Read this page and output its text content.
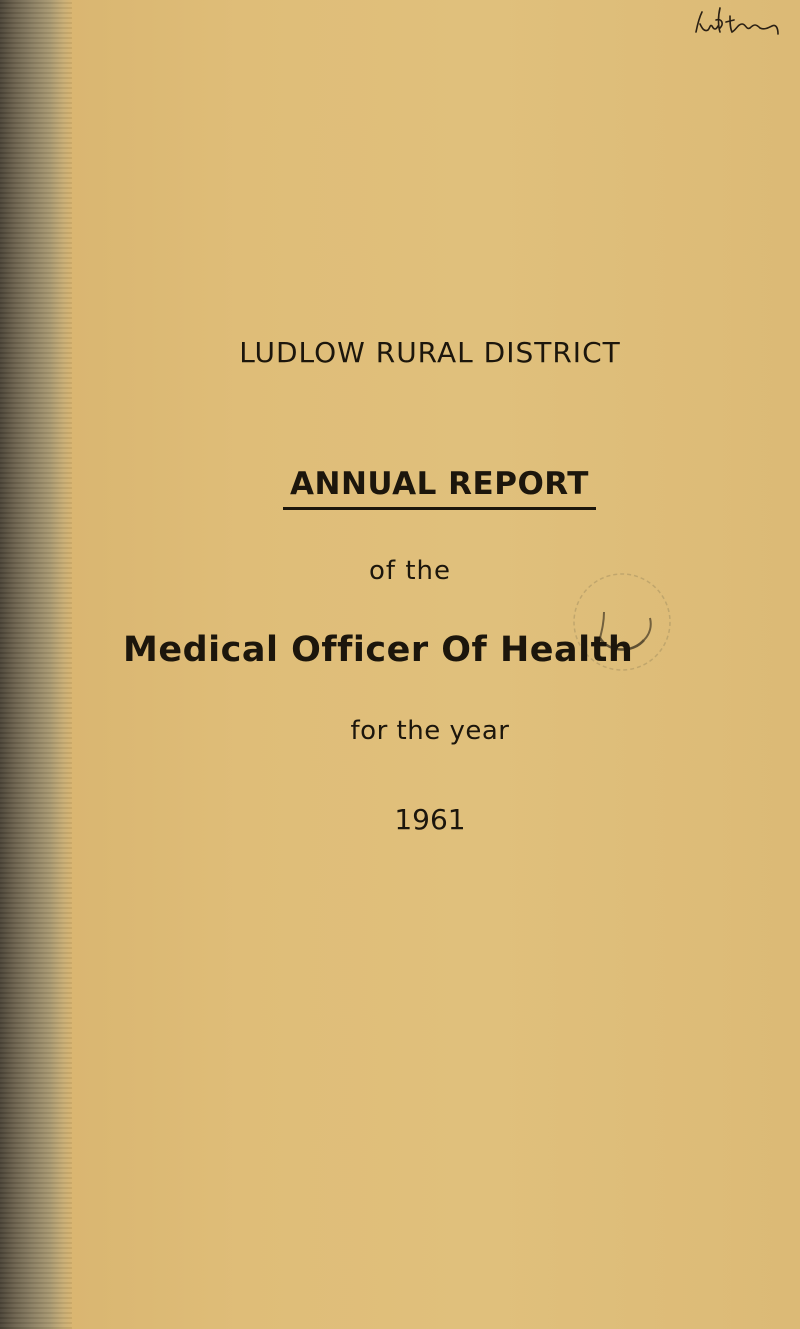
LUDLOW RURAL DISTRICT
ANNUAL REPORT
of the
Medical Officer Of Health
for the year
1961
